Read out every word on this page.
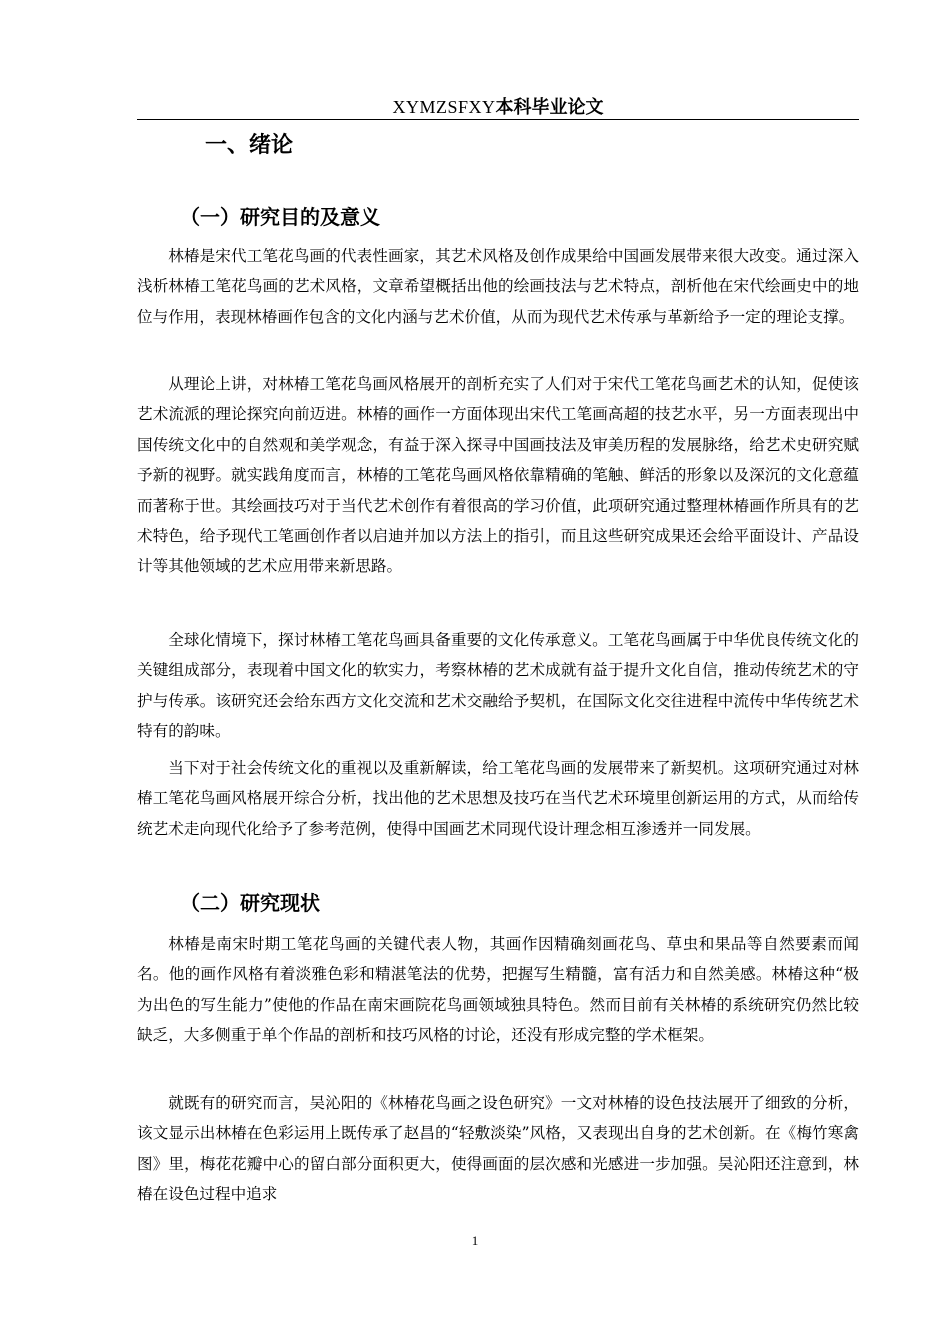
XYMZSFXY本科毕业论文
一、绪论
（一）研究目的及意义

林椿是宋代工笔花鸟画的代表性画家，其艺术风格及创作成果给中国画发展带来很大改变。通过深入浅析林椿工笔花鸟画的艺术风格，文章希望概括出他的绘画技法与艺术特点，剖析他在宋代绘画史中的地位与作用，表现林椿画作包含的文化内涵与艺术价值，从而为现代艺术传承与革新给予一定的理论支撑。

从理论上讲，对林椿工笔花鸟画风格展开的剖析充实了人们对于宋代工笔花鸟画艺术的认知，促使该艺术流派的理论探究向前迈进。林椿的画作一方面体现出宋代工笔画高超的技艺水平，另一方面表现出中国传统文化中的自然观和美学观念，有益于深入探寻中国画技法及审美历程的发展脉络，给艺术史研究赋予新的视野。就实践角度而言，林椿的工笔花鸟画风格依靠精确的笔触、鲜活的形象以及深沉的文化意蕴而著称于世。其绘画技巧对于当代艺术创作有着很高的学习价值，此项研究通过整理林椿画作所具有的艺术特色，给予现代工笔画创作者以启迪并加以方法上的指引，而且这些研究成果还会给平面设计、产品设计等其他领域的艺术应用带来新思路。

全球化情境下，探讨林椿工笔花鸟画具备重要的文化传承意义。工笔花鸟画属于中华优良传统文化的关键组成部分，表现着中国文化的软实力，考察林椿的艺术成就有益于提升文化自信，推动传统艺术的守护与传承。该研究还会给东西方文化交流和艺术交融给予契机，在国际文化交往进程中流传中华传统艺术特有的韵味。

当下对于社会传统文化的重视以及重新解读，给工笔花鸟画的发展带来了新契机。这项研究通过对林椿工笔花鸟画风格展开综合分析，找出他的艺术思想及技巧在当代艺术环境里创新运用的方式，从而给传统艺术走向现代化给予了参考范例，使得中国画艺术同现代设计理念相互渗透并一同发展。

（二）研究现状

林椿是南宋时期工笔花鸟画的关键代表人物，其画作因精确刻画花鸟、草虫和果品等自然要素而闻名。他的画作风格有着淡雅色彩和精湛笔法的优势，把握写生精髓，富有活力和自然美感。林椿这种“极为出色的写生能力”使他的作品在南宋画院花鸟画领域独具特色。然而目前有关林椿的系统研究仍然比较缺乏，大多侧重于单个作品的剖析和技巧风格的讨论，还没有形成完整的学术框架。

就既有的研究而言，吴沁阳的《林椿花鸟画之设色研究》一文对林椿的设色技法展开了细致的分析，该文显示出林椿在色彩运用上既传承了赵昌的“轻敷淡染”风格，又表现出自身的艺术创新。在《梅竹寒禽图》里，梅花花瓣中心的留白部分面积更大，使得画面的层次感和光感进一步加强。吴沁阳还注意到，林椿在设色过程中追求

1
